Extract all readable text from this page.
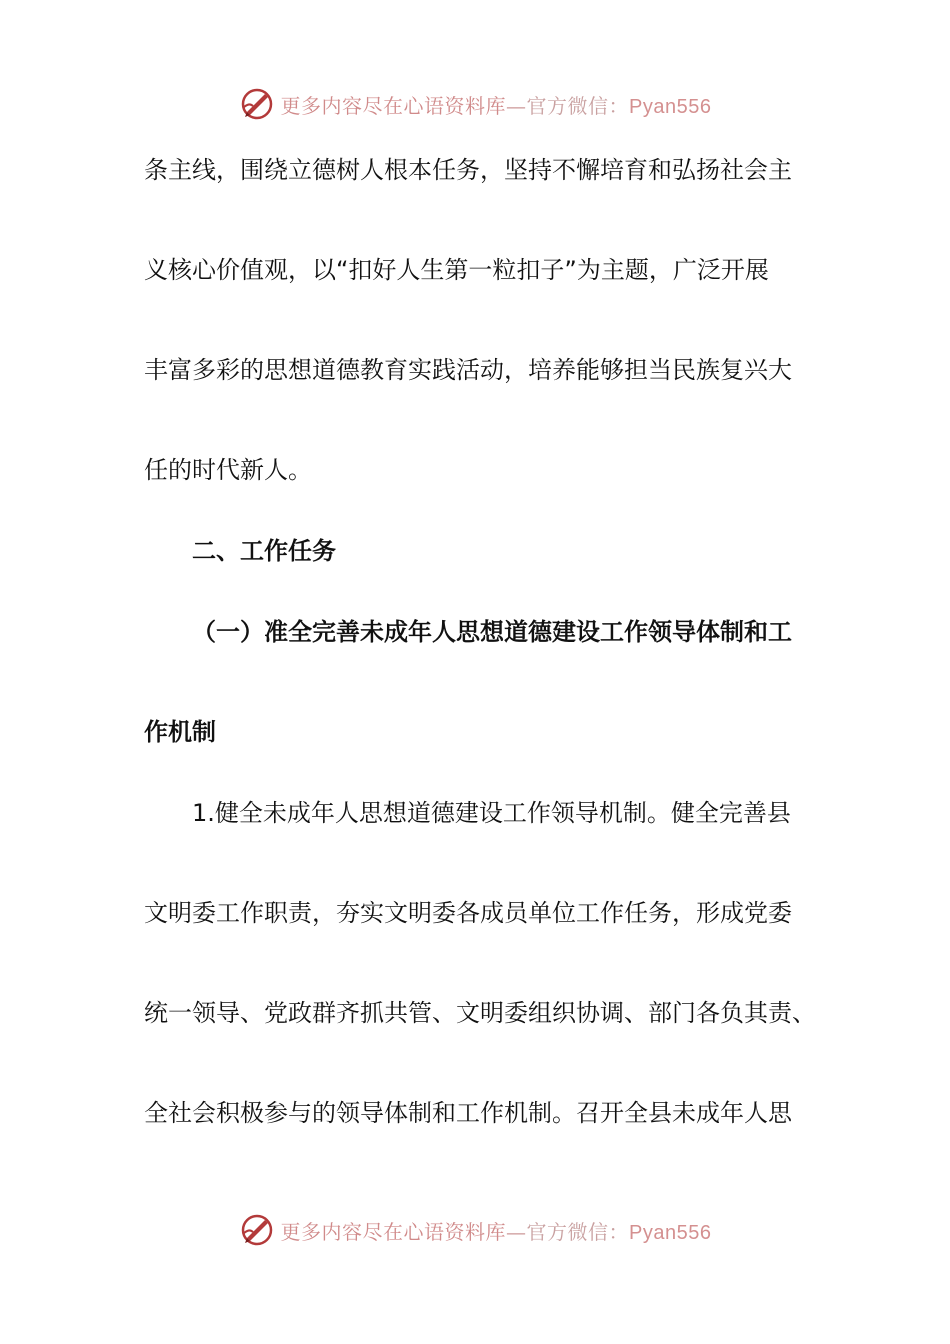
更多内容尽在心语资料库—官方微信：Pyan556
条主线，围绕立德树人根本任务，坚持不懈培育和弘扬社会主
义核心价值观，以“扣好人生第一粒扣子”为主题，广泛开展
丰富多彩的思想道德教育实践活动，培养能够担当民族复兴大
任的时代新人。
二、工作任务
（一）准全完善未成年人思想道德建设工作领导体制和工
作机制
1.健全未成年人思想道德建设工作领导机制。健全完善县
文明委工作职责，夯实文明委各成员单位工作任务，形成党委
统一领导、党政群齐抓共管、文明委组织协调、部门各负其责、
全社会积极参与的领导体制和工作机制。召开全县未成年人思
更多内容尽在心语资料库—官方微信：Pyan556
